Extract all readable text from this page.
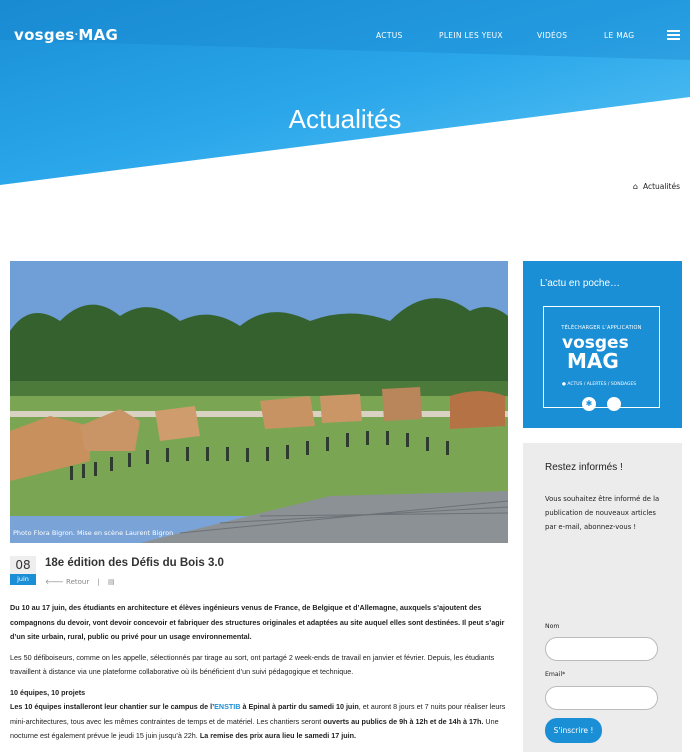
vosges·MAG	ACTUS	PLEIN LES YEUX	VIDÉOS	LE MAG
Actualités
⌂ Actualités
Photo Flora Bigron. Mise en scène Laurent Bigron
08
juin
18e édition des Défis du Bois 3.0
🡐 Retour | ▤

Du 10 au 17 juin, des étudiants en architecture et élèves ingénieurs venus de France, de Belgique et d’Allemagne, auxquels s’ajoutent des compagnons du devoir, vont devoir concevoir et fabriquer des structures originales et adaptées au site auquel elles sont destinées. Il peut s’agir d’un site urbain, rural, public ou privé pour un usage environnemental.

Les 50 défiboiseurs, comme on les appelle, sélectionnés par tirage au sort, ont partagé 2 week-ends de travail en janvier et février. Depuis, les étudiants travaillent à distance via une plateforme collaborative où ils bénéficient d’un suivi pédagogique et technique.

10 équipes, 10 projets

Les 10 équipes installeront leur chantier sur le campus de l’ENSTIB à Epinal à partir du samedi 10 juin, et auront 8 jours et 7 nuits pour réaliser leurs mini-architectures, tous avec les mêmes contraintes de temps et de matériel. Les chantiers seront ouverts au publics de 9h à 12h et de 14h à 17h. Une nocturne est également prévue le jeudi 15 juin jusqu’à 22h. La remise des prix aura lieu le samedi 17 juin.

L’actu en poche…
TÉLÉCHARGER L’APPLICATION
vosges
MAG
● ACTUS / ALERTES / SONDAGES
✱
Restez informés !
Vous souhaitez être informé de la publication de nouveaux articles par e-mail, abonnez-vous !
Nom
Email*
S'inscrire !
